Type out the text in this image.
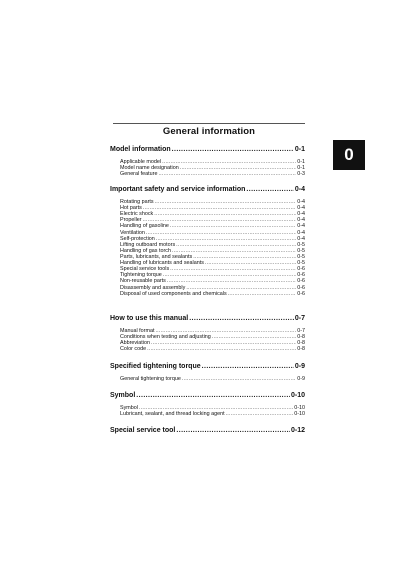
General information
0
Model information .....	0-1
Applicable model .....	0-1
Model name designation .....	0-1
General feature .....	0-3
Important safety and service information .....	0-4
Rotating parts .....	0-4
Hot parts .....	0-4
Electric shock .....	0-4
Propeller .....	0-4
Handling of gasoline .....	0-4
Ventilation .....	0-4
Self-protection .....	0-4
Lifting outboard motors .....	0-5
Handling of gas torch .....	0-5
Parts, lubricants, and sealants .....	0-5
Handling of lubricants and sealants .....	0-5
Special service tools .....	0-6
Tightening torque .....	0-6
Non-reusable parts .....	0-6
Disassembly and assembly .....	0-6
Disposal of used components and chemicals .....	0-6
How to use this manual .....	0-7
Manual format .....	0-7
Conditions when testing and adjusting .....	0-8
Abbreviation .....	0-8
Color code .....	0-8
Specified tightening torque .....	0-9
General tightening torque .....	0-9
Symbol .....	0-10
Symbol .....	0-10
Lubricant, sealant, and thread locking agent .....	0-10
Special service tool .....	0-12
